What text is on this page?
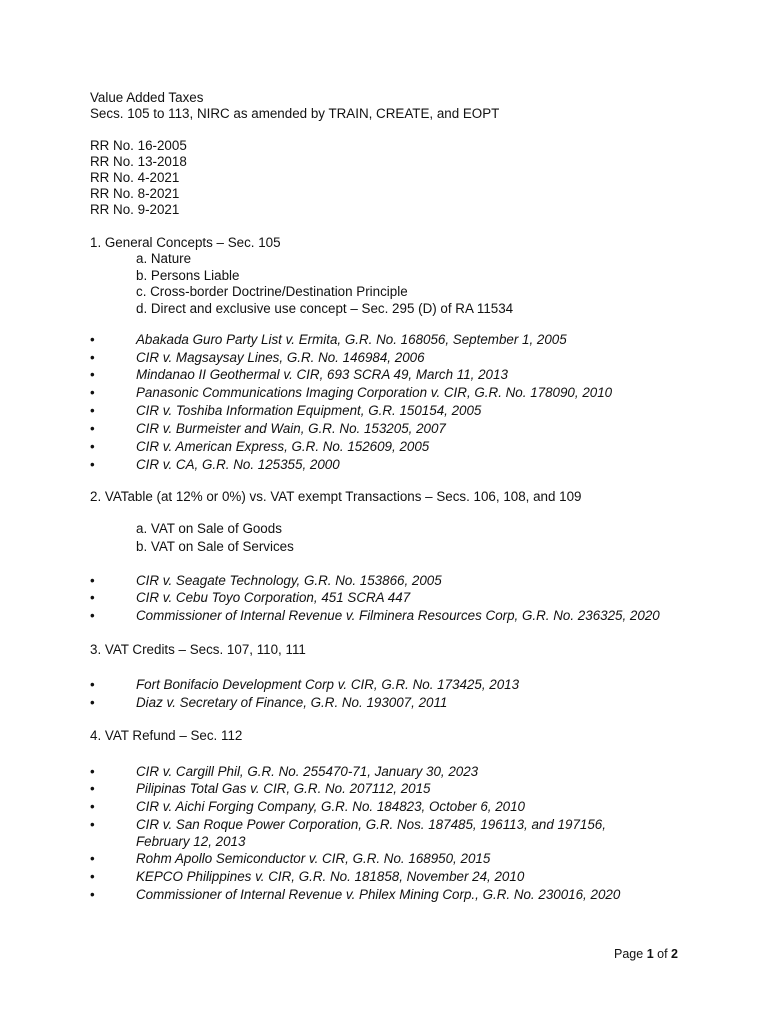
Value Added Taxes
Secs. 105 to 113, NIRC as amended by TRAIN, CREATE, and EOPT
RR No. 16-2005
RR No. 13-2018
RR No. 4-2021
RR No. 8-2021
RR No. 9-2021
1. General Concepts – Sec. 105
a. Nature
b. Persons Liable
c. Cross-border Doctrine/Destination Principle
d. Direct and exclusive use concept – Sec. 295 (D) of RA 11534
•	Abakada Guro Party List v. Ermita, G.R. No. 168056, September 1, 2005
•	CIR v. Magsaysay Lines, G.R. No. 146984, 2006
•	Mindanao II Geothermal v. CIR, 693 SCRA 49, March 11, 2013
•	Panasonic Communications Imaging Corporation v. CIR, G.R. No. 178090, 2010
•	CIR v. Toshiba Information Equipment, G.R. 150154, 2005
•	CIR v. Burmeister and Wain, G.R. No. 153205, 2007
•	CIR v. American Express, G.R. No. 152609, 2005
•	CIR v. CA, G.R. No. 125355, 2000
2. VATable (at 12% or 0%) vs. VAT exempt Transactions – Secs. 106, 108, and 109
a. VAT on Sale of Goods
b. VAT on Sale of Services
•	CIR v. Seagate Technology, G.R. No. 153866, 2005
•	CIR v. Cebu Toyo Corporation, 451 SCRA 447
•	Commissioner of Internal Revenue v. Filminera Resources Corp, G.R. No. 236325, 2020
3. VAT Credits – Secs. 107, 110, 111
•	Fort Bonifacio Development Corp v. CIR, G.R. No. 173425, 2013
•	Diaz v. Secretary of Finance, G.R. No. 193007, 2011
4. VAT Refund – Sec. 112
•	CIR v. Cargill Phil, G.R. No. 255470-71, January 30, 2023
•	Pilipinas Total Gas v. CIR, G.R. No. 207112, 2015
•	CIR v. Aichi Forging Company, G.R. No. 184823, October 6, 2010
•	CIR v. San Roque Power Corporation, G.R. Nos. 187485, 196113, and 197156, February 12, 2013
•	Rohm Apollo Semiconductor v. CIR, G.R. No. 168950, 2015
•	KEPCO Philippines v. CIR, G.R. No. 181858, November 24, 2010
•	Commissioner of Internal Revenue v. Philex Mining Corp., G.R. No. 230016, 2020
Page 1 of 2
